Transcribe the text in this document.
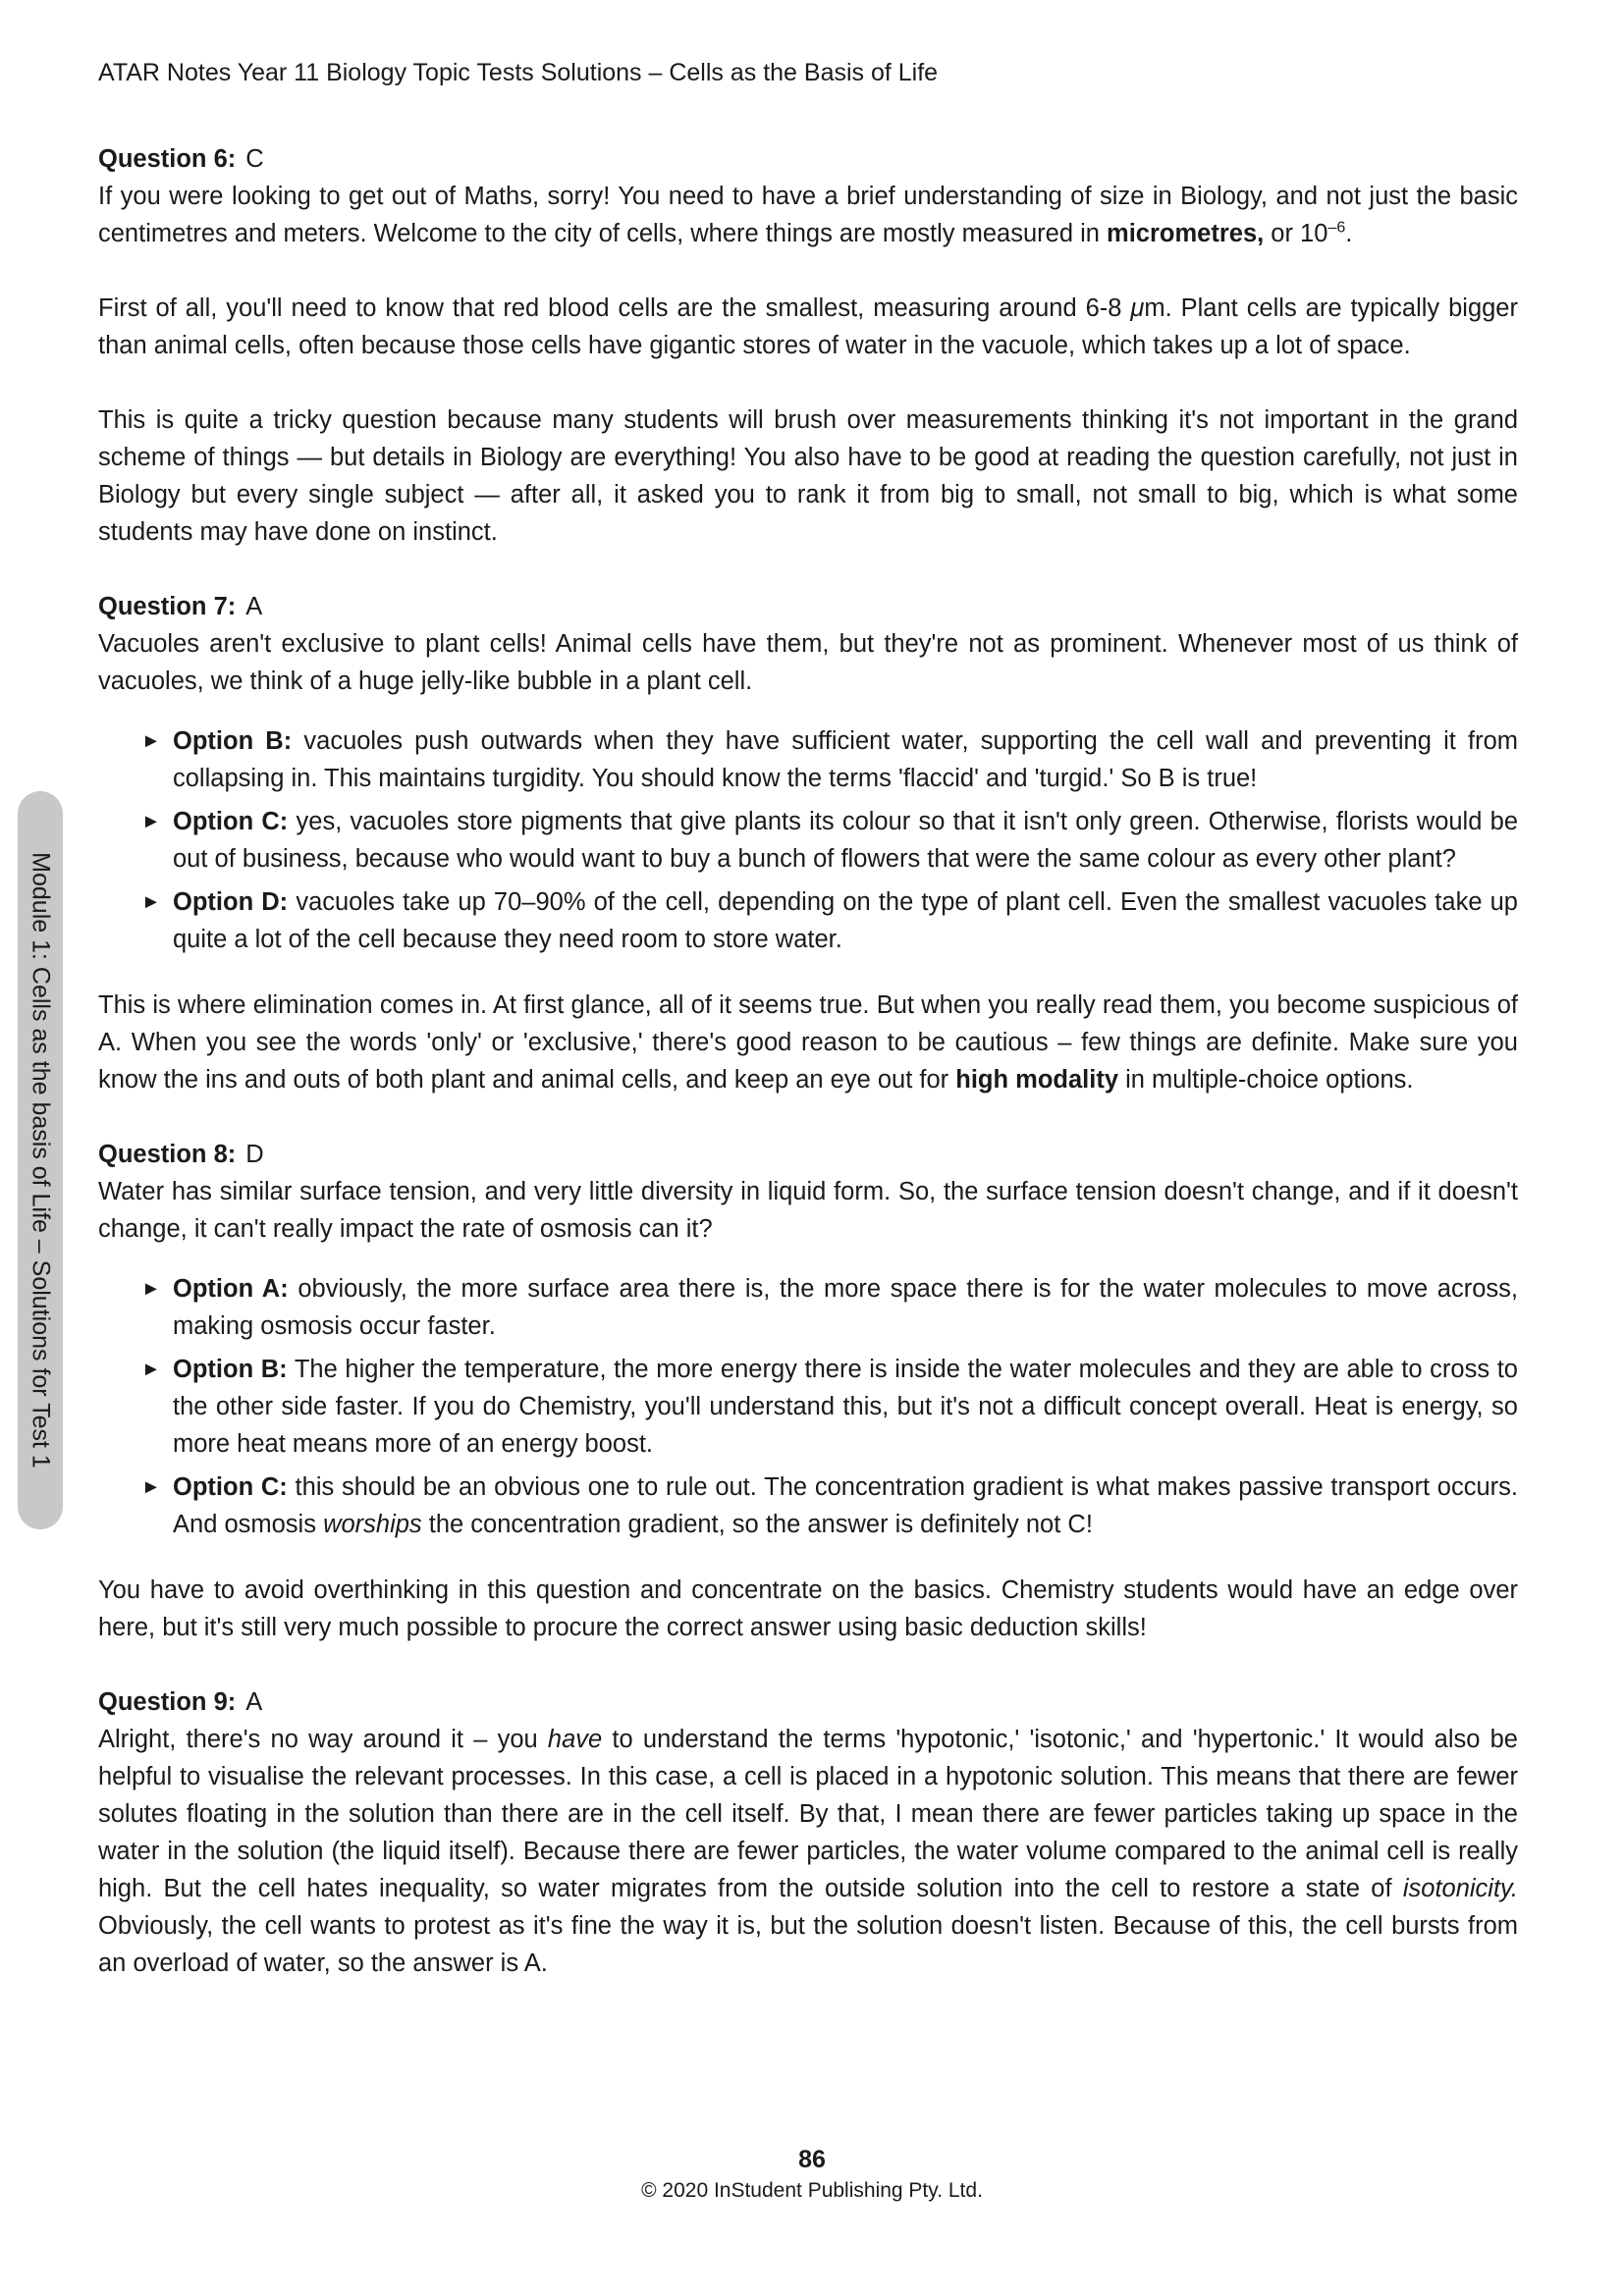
ATAR Notes Year 11 Biology Topic Tests Solutions – Cells as the Basis of Life
Module 1: Cells as the basis of Life – Solutions for Test 1

Question 6: C

If you were looking to get out of Maths, sorry! You need to have a brief understanding of size in Biology, and not just the basic centimetres and meters. Welcome to the city of cells, where things are mostly measured in micrometres, or $10^{-6}$.

First of all, you'll need to know that red blood cells are the smallest, measuring around 6-8 μm. Plant cells are typically bigger than animal cells, often because those cells have gigantic stores of water in the vacuole, which takes up a lot of space.

This is quite a tricky question because many students will brush over measurements thinking it's not important in the grand scheme of things — but details in Biology are everything! You also have to be good at reading the question carefully, not just in Biology but every single subject — after all, it asked you to rank it from big to small, not small to big, which is what some students may have done on instinct.

Question 7: A

Vacuoles aren't exclusive to plant cells! Animal cells have them, but they're not as prominent. Whenever most of us think of vacuoles, we think of a huge jelly-like bubble in a plant cell.

► Option B: vacuoles push outwards when they have sufficient water, supporting the cell wall and preventing it from collapsing in. This maintains turgidity. You should know the terms 'flaccid' and 'turgid.' So B is true!
► Option C: yes, vacuoles store pigments that give plants its colour so that it isn't only green. Otherwise, florists would be out of business, because who would want to buy a bunch of flowers that were the same colour as every other plant?
► Option D: vacuoles take up 70–90% of the cell, depending on the type of plant cell. Even the smallest vacuoles take up quite a lot of the cell because they need room to store water.

This is where elimination comes in. At first glance, all of it seems true. But when you really read them, you become suspicious of A. When you see the words 'only' or 'exclusive,' there's good reason to be cautious – few things are definite. Make sure you know the ins and outs of both plant and animal cells, and keep an eye out for high modality in multiple-choice options.

Question 8: D

Water has similar surface tension, and very little diversity in liquid form. So, the surface tension doesn't change, and if it doesn't change, it can't really impact the rate of osmosis can it?

► Option A: obviously, the more surface area there is, the more space there is for the water molecules to move across, making osmosis occur faster.
► Option B: The higher the temperature, the more energy there is inside the water molecules and they are able to cross to the other side faster. If you do Chemistry, you'll understand this, but it's not a difficult concept overall. Heat is energy, so more heat means more of an energy boost.
► Option C: this should be an obvious one to rule out. The concentration gradient is what makes passive transport occurs. And osmosis worships the concentration gradient, so the answer is definitely not C!

You have to avoid overthinking in this question and concentrate on the basics. Chemistry students would have an edge over here, but it's still very much possible to procure the correct answer using basic deduction skills!

Question 9: A

Alright, there's no way around it – you have to understand the terms 'hypotonic,' 'isotonic,' and 'hypertonic.' It would also be helpful to visualise the relevant processes. In this case, a cell is placed in a hypotonic solution. This means that there are fewer solutes floating in the solution than there are in the cell itself. By that, I mean there are fewer particles taking up space in the water in the solution (the liquid itself). Because there are fewer particles, the water volume compared to the animal cell is really high. But the cell hates inequality, so water migrates from the outside solution into the cell to restore a state of isotonicity. Obviously, the cell wants to protest as it's fine the way it is, but the solution doesn't listen. Because of this, the cell bursts from an overload of water, so the answer is A.

86
© 2020 InStudent Publishing Pty. Ltd.
